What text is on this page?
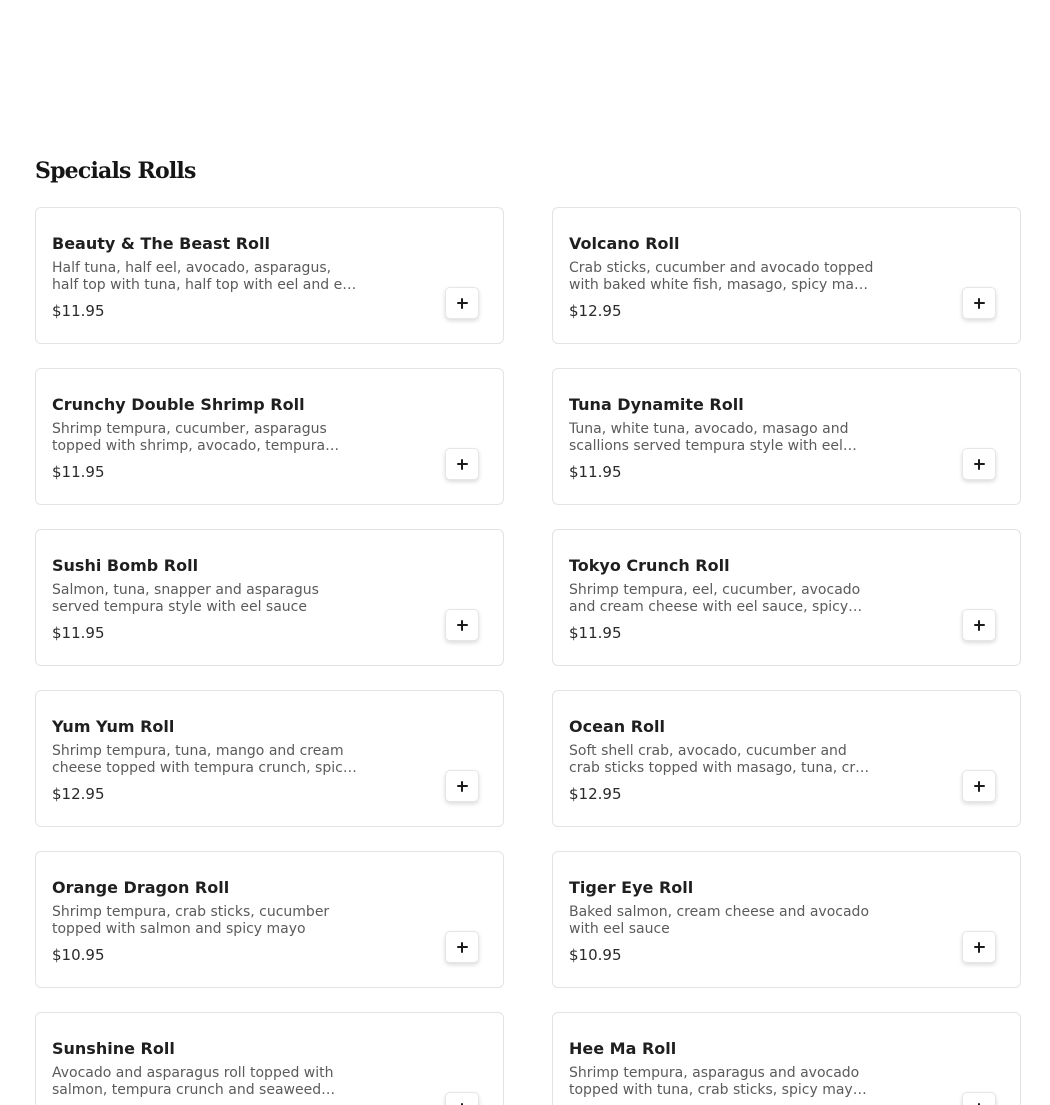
Specials Rolls
Beauty & The Beast Roll
Half tuna, half eel, avocado, asparagus, half top with tuna, half top with eel and eel
$11.95
Volcano Roll
Crab sticks, cucumber and avocado topped with baked white fish, masago, spicy mayo
$12.95
Crunchy Double Shrimp Roll
Shrimp tempura, cucumber, asparagus topped with shrimp, avocado, tempura
$11.95
Tuna Dynamite Roll
Tuna, white tuna, avocado, masago and scallions served tempura style with eel
$11.95
Sushi Bomb Roll
Salmon, tuna, snapper and asparagus served tempura style with eel sauce
$11.95
Tokyo Crunch Roll
Shrimp tempura, eel, cucumber, avocado and cream cheese with eel sauce, spicy
$11.95
Yum Yum Roll
Shrimp tempura, tuna, mango and cream cheese topped with tempura crunch, spicy
$12.95
Ocean Roll
Soft shell crab, avocado, cucumber and crab sticks topped with masago, tuna, crab
$12.95
Orange Dragon Roll
Shrimp tempura, crab sticks, cucumber topped with salmon and spicy mayo
$10.95
Tiger Eye Roll
Baked salmon, cream cheese and avocado with eel sauce
$10.95
Sunshine Roll
Avocado and asparagus roll topped with salmon, tempura crunch and seaweed
Hee Ma Roll
Shrimp tempura, asparagus and avocado topped with tuna, crab sticks, spicy mayo,
